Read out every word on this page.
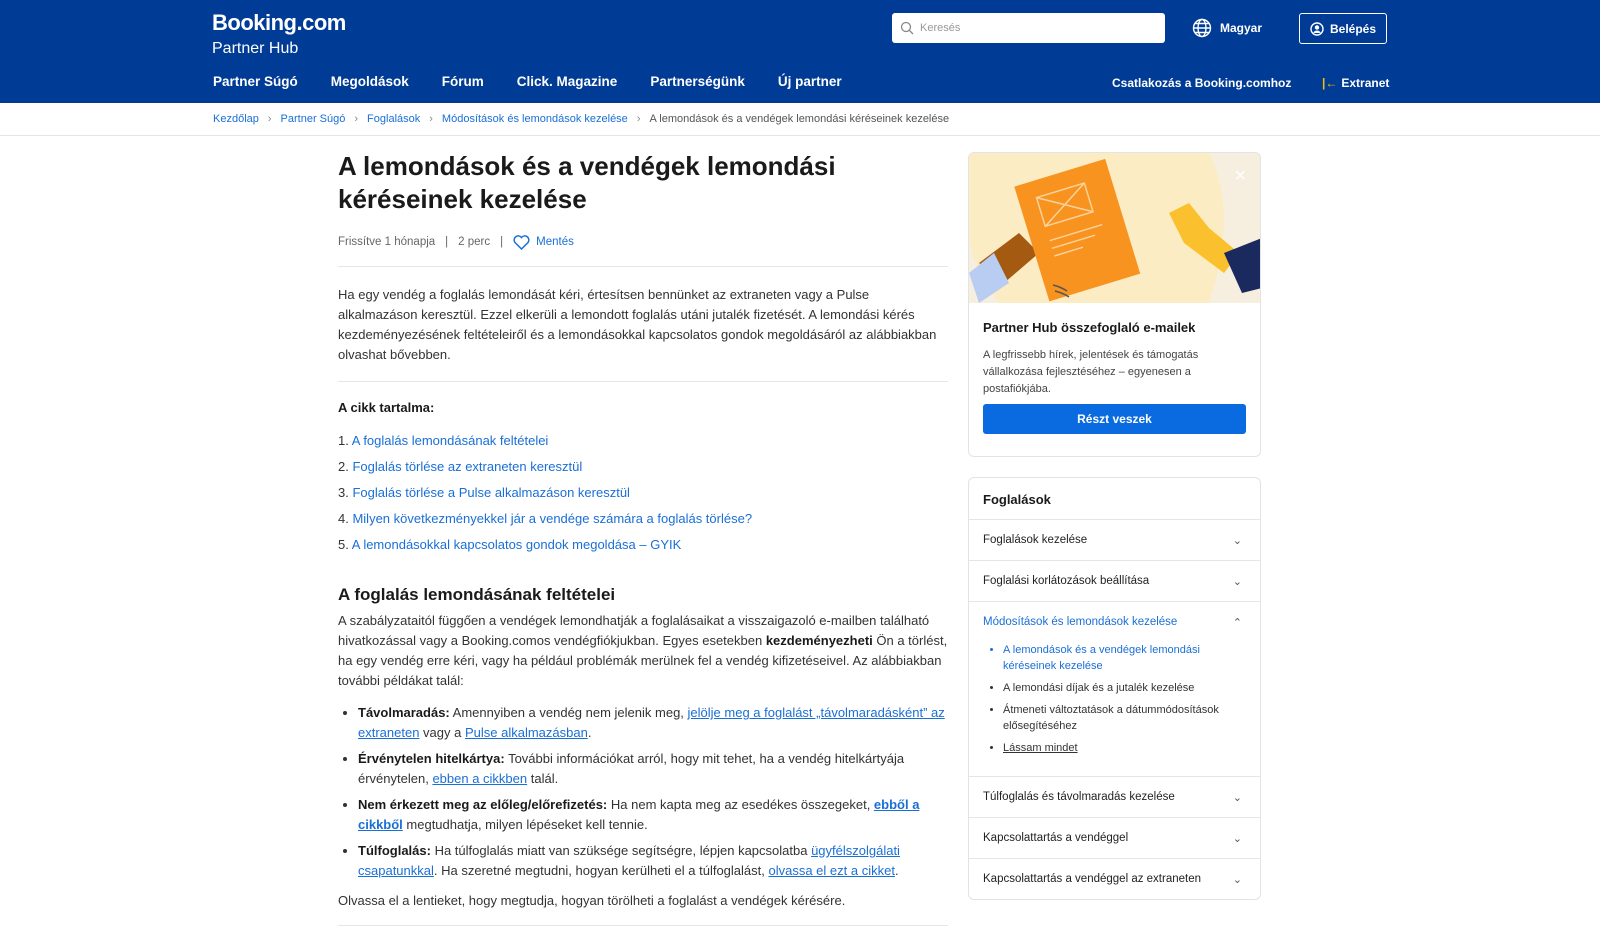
Booking.com
Partner Hub
Keresés
Magyar	Belépés
Partner Súgó Megoldások Fórum Click. Magazine Partnerségünk Új partner	Csatlakozás a Booking.comhoz	|← Extranet
Kezdőlap › Partner Súgó › Foglalások › Módosítások és lemondások kezelése › A lemondások és a vendégek lemondási kéréseinek kezelése
A lemondások és a vendégek lemondási kéréseinek kezelése
Frissítve 1 hónapja | 2 perc |	Mentés

Ha egy vendég a foglalás lemondását kéri, értesítsen bennünket az extraneten vagy a Pulse alkalmazáson keresztül. Ezzel elkerüli a lemondott foglalás utáni jutalék fizetését. A lemondási kérés kezdeményezésének feltételeiről és a lemondásokkal kapcsolatos gondok megoldásáról az alábbiakban olvashat bővebben.

A cikk tartalma:
1. A foglalás lemondásának feltételei
2. Foglalás törlése az extraneten keresztül
3. Foglalás törlése a Pulse alkalmazáson keresztül
4. Milyen következményekkel jár a vendége számára a foglalás törlése?
5. A lemondásokkal kapcsolatos gondok megoldása – GYIK
A foglalás lemondásának feltételei

A szabályzataitól függően a vendégek lemondhatják a foglalásaikat a visszaigazoló e-mailben található hivatkozással vagy a Booking.comos vendégfiókjukban. Egyes esetekben kezdeményezheti Ön a törlést, ha egy vendég erre kéri, vagy ha például problémák merülnek fel a vendég kifizetéseivel. Az alábbiakban további példákat talál:

• Távolmaradás: Amennyiben a vendég nem jelenik meg, jelölje meg a foglalást „távolmaradásként” az extraneten vagy a Pulse alkalmazásban.
• Érvénytelen hitelkártya: További információkat arról, hogy mit tehet, ha a vendég hitelkártyája érvénytelen, ebben a cikkben talál.
• Nem érkezett meg az előleg/előrefizetés: Ha nem kapta meg az esedékes összegeket, ebből a cikkből megtudhatja, milyen lépéseket kell tennie.
• Túlfoglalás: Ha túlfoglalás miatt van szüksége segítségre, lépjen kapcsolatba ügyfélszolgálati csapatunkkal. Ha szeretné megtudni, hogyan kerülheti el a túlfoglalást, olvassa el ezt a cikket.

Olvassa el a lentieket, hogy megtudja, hogyan törölheti a foglalást a vendégek kérésére.

×
Partner Hub összefoglaló e-mailek

A legfrissebb hírek, jelentések és támogatás vállalkozása fejlesztéséhez – egyenesen a postafiókjába.

Részt veszek
Foglalások
Foglalások kezelése	⌄
Foglalási korlátozások beállítása	⌄
Módosítások és lemondások kezelése	⌃
• A lemondások és a vendégek lemondási kéréseinek kezelése
• A lemondási díjak és a jutalék kezelése
• Átmeneti változtatások a dátummódosítások elősegítéséhez
• Lássam mindet
Túlfoglalás és távolmaradás kezelése	⌄
Kapcsolattartás a vendéggel	⌄
Kapcsolattartás a vendéggel az extraneten	⌄
